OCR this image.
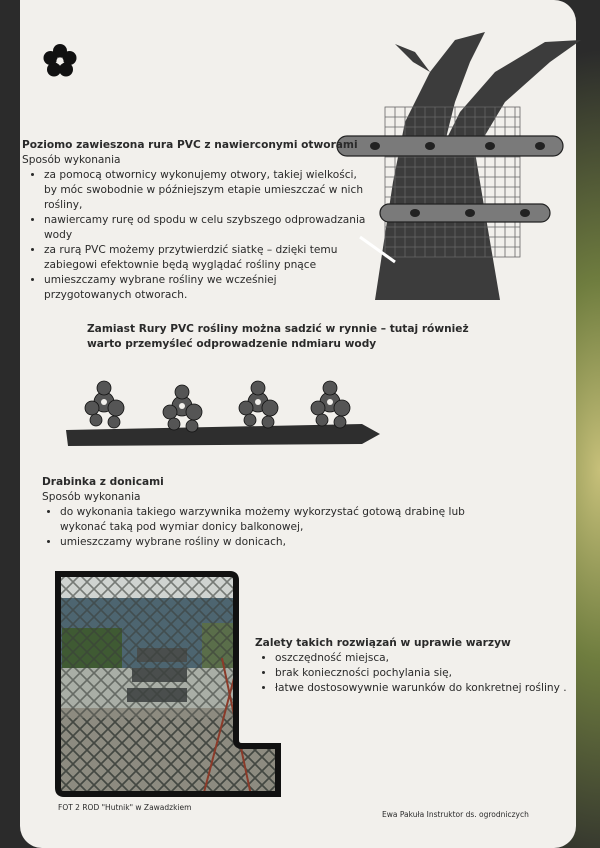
Poziomo zawieszona rura PVC z nawierconymi otworami
Sposób wykonania
• za pomocą otwornicy wykonujemy otwory, takiej wielkości, by móc swobodnie w późniejszym etapie umieszczać w nich rośliny,
• nawiercamy rurę od spodu w celu szybszego odprowadzania wody
• za rurą PVC możemy przytwierdzić siatkę – dzięki temu zabiegowi efektownie będą wyglądać rośliny pnące
• umieszczamy wybrane rośliny we wcześniej przygotowanych otworach.
Zamiast Rury PVC rośliny można sadzić w rynnie – tutaj również warto przemyśleć odprowadzenie ndmiaru wody
Drabinka z donicami
Sposób wykonania
• do wykonania takiego warzywnika możemy wykorzystać gotową drabinę lub wykonać taką pod wymiar donicy balkonowej,
• umieszczamy wybrane rośliny w donicach,
Zalety takich rozwiązań w uprawie warzyw
• oszczędność miejsca,
• brak konieczności pochylania się,
• łatwe dostosowywnie warunków do konkretnej rośliny .
FOT 2 ROD "Hutnik" w Zawadzkiem
Ewa Pakuła Instruktor ds. ogrodniczych
